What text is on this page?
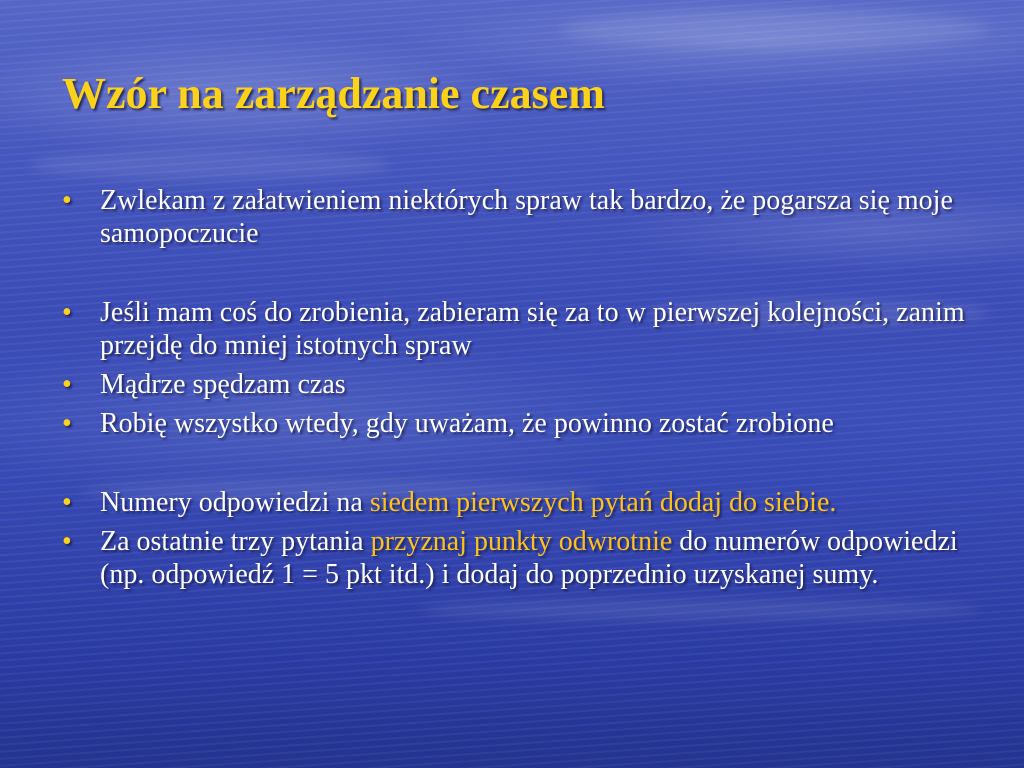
Wzór na zarządzanie czasem
• Zwlekam z załatwieniem niektórych spraw tak bardzo, że pogarsza się moje samopoczucie
• Jeśli mam coś do zrobienia, zabieram się za to w pierwszej kolejności, zanim przejdę do mniej istotnych spraw
• Mądrze spędzam czas
• Robię wszystko wtedy, gdy uważam, że powinno zostać zrobione
• Numery odpowiedzi na siedem pierwszych pytań dodaj do siebie.
• Za ostatnie trzy pytania przyznaj punkty odwrotnie do numerów odpowiedzi (np. odpowiedź 1 = 5 pkt itd.) i dodaj do poprzednio uzyskanej sumy.
